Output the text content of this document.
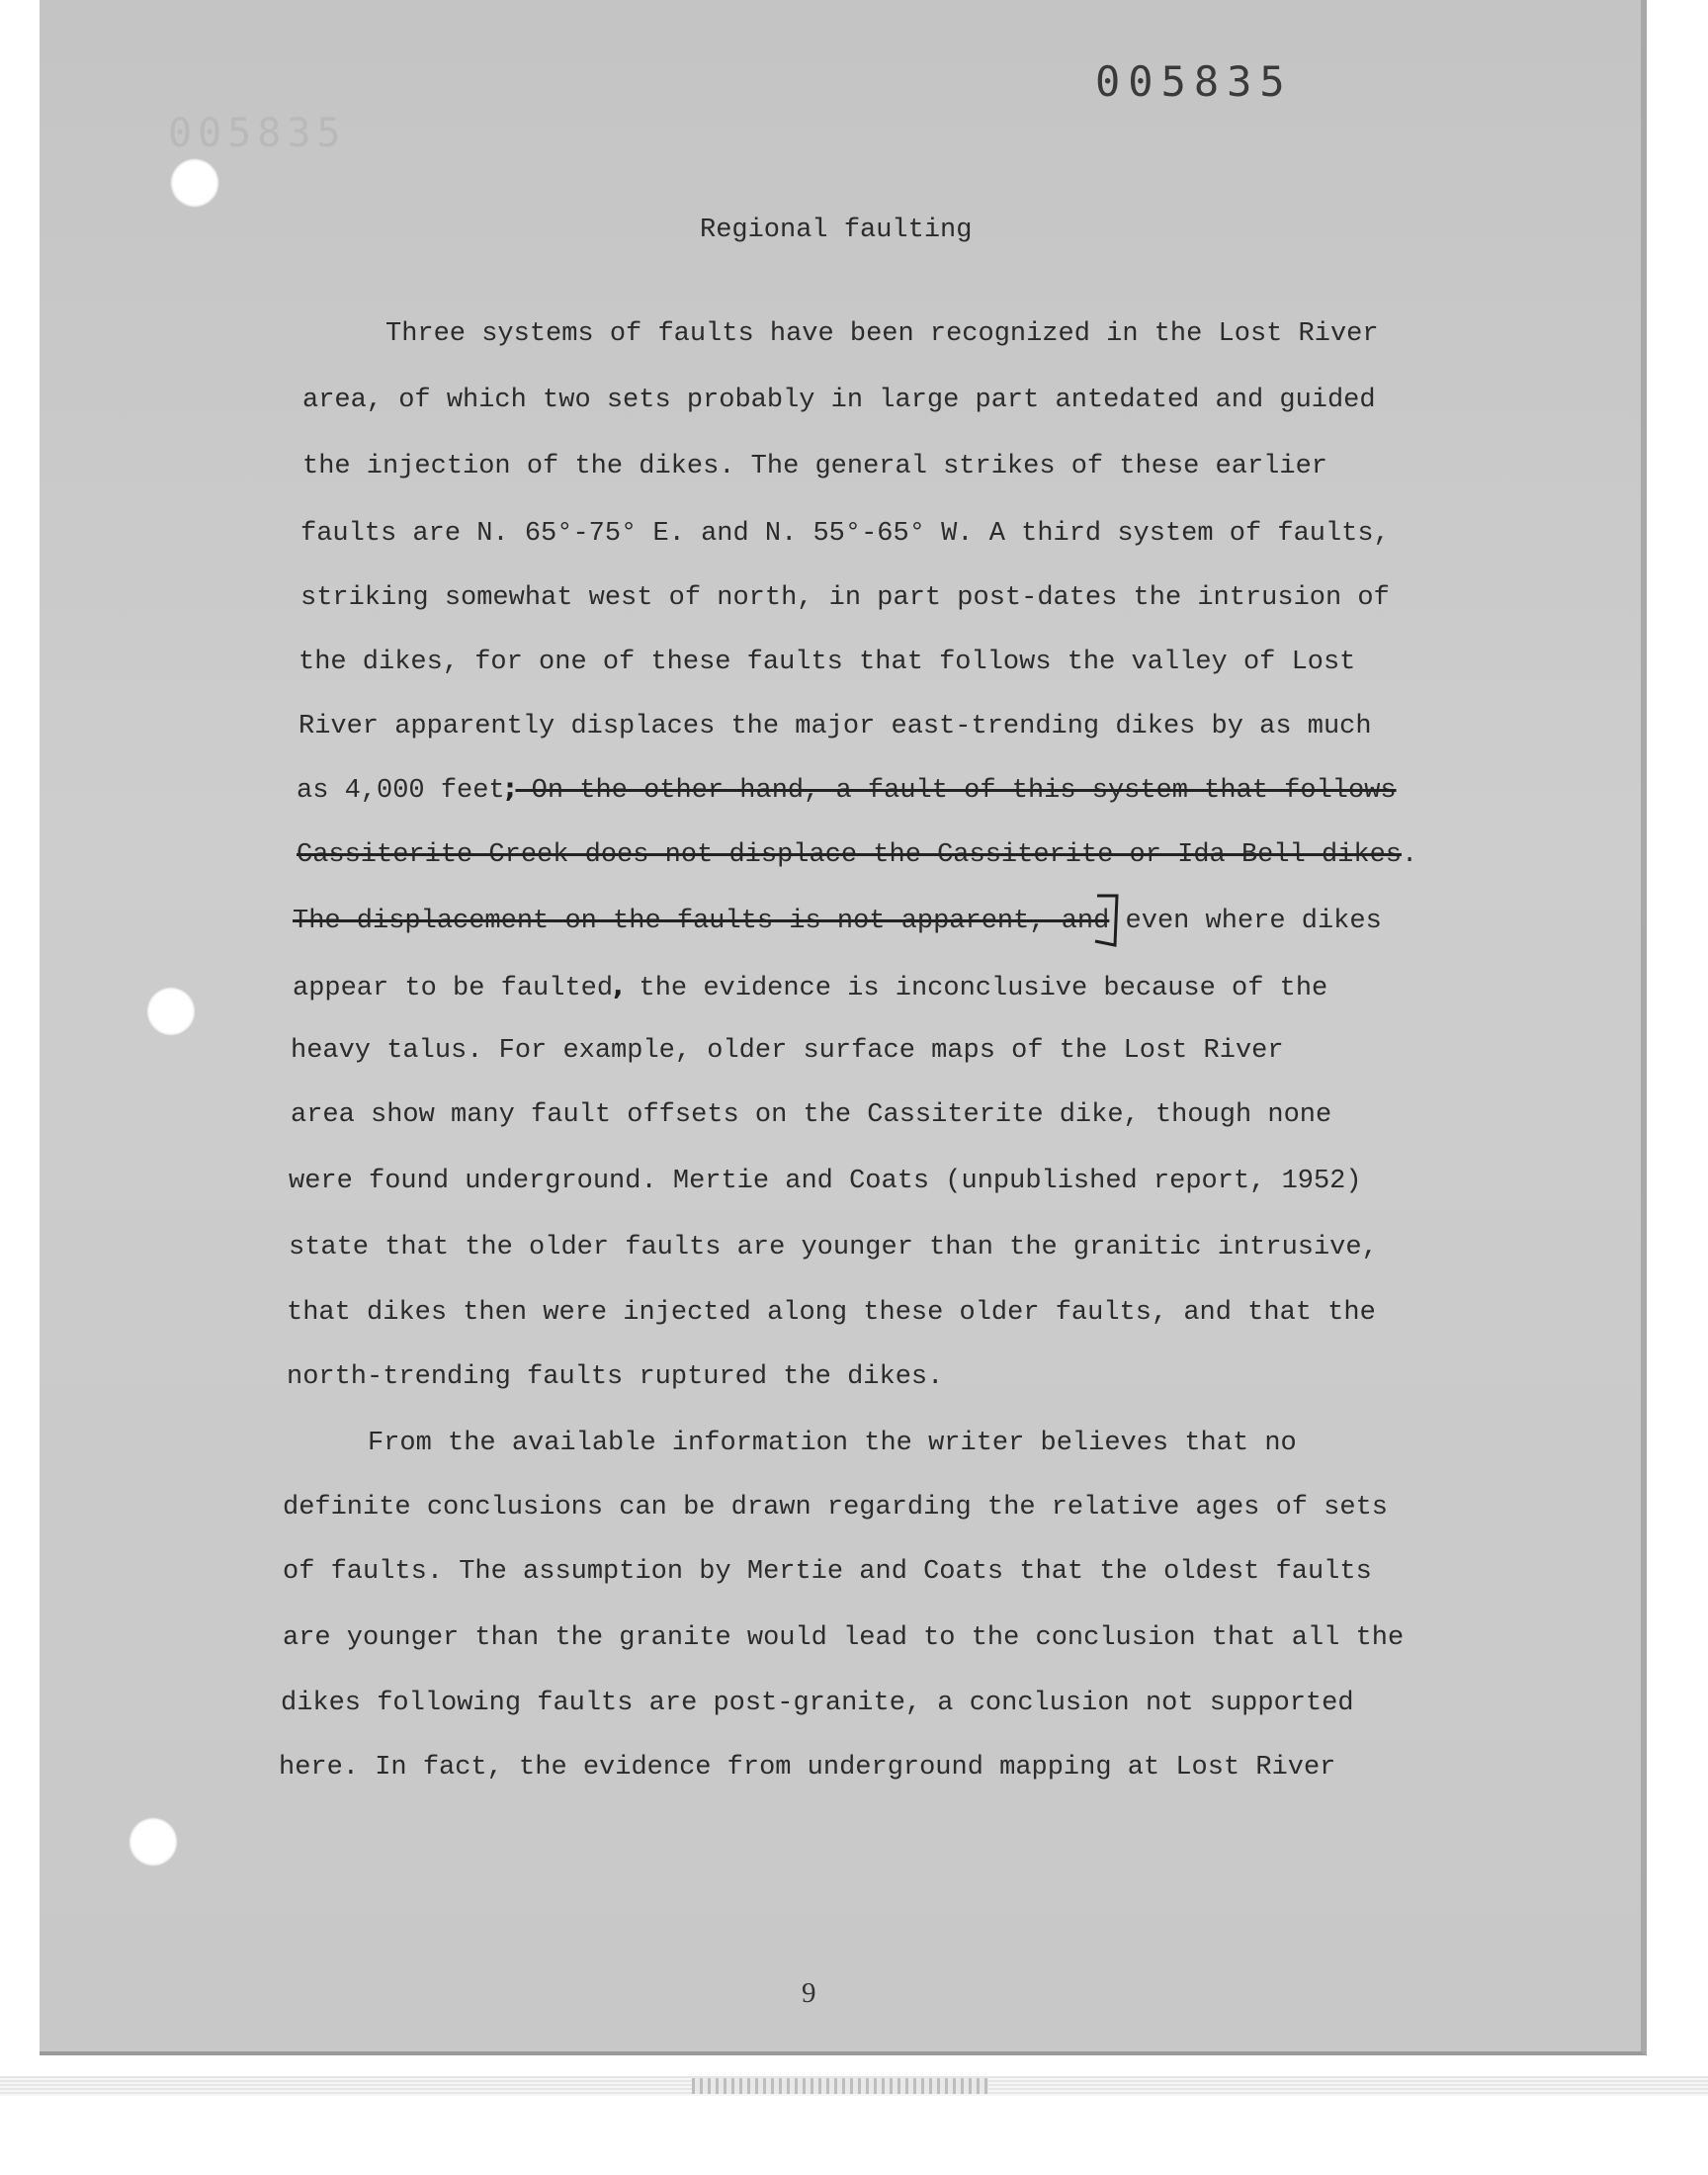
005835
005835
Regional faulting
Three systems of faults have been recognized in the Lost River
area, of which two sets probably in large part antedated and guided
the injection of the dikes. The general strikes of these earlier
faults are N. 65°-75° E. and N. 55°-65° W. A third system of faults,
striking somewhat west of north, in part post-dates the intrusion of
the dikes, for one of these faults that follows the valley of Lost
River apparently displaces the major east-trending dikes by as much
as 4,000 feet; On the other hand, a fault of this system that follows
Cassiterite Creek does not displace the Cassiterite or Ida Bell dikes.
The displacement on the faults is not apparent, and even where dikes
appear to be faulted, the evidence is inconclusive because of the
heavy talus. For example, older surface maps of the Lost River
area show many fault offsets on the Cassiterite dike, though none
were found underground. Mertie and Coats (unpublished report, 1952)
state that the older faults are younger than the granitic intrusive,
that dikes then were injected along these older faults, and that the
north-trending faults ruptured the dikes.
From the available information the writer believes that no
definite conclusions can be drawn regarding the relative ages of sets
of faults. The assumption by Mertie and Coats that the oldest faults
are younger than the granite would lead to the conclusion that all the
dikes following faults are post-granite, a conclusion not supported
here. In fact, the evidence from underground mapping at Lost River
9
